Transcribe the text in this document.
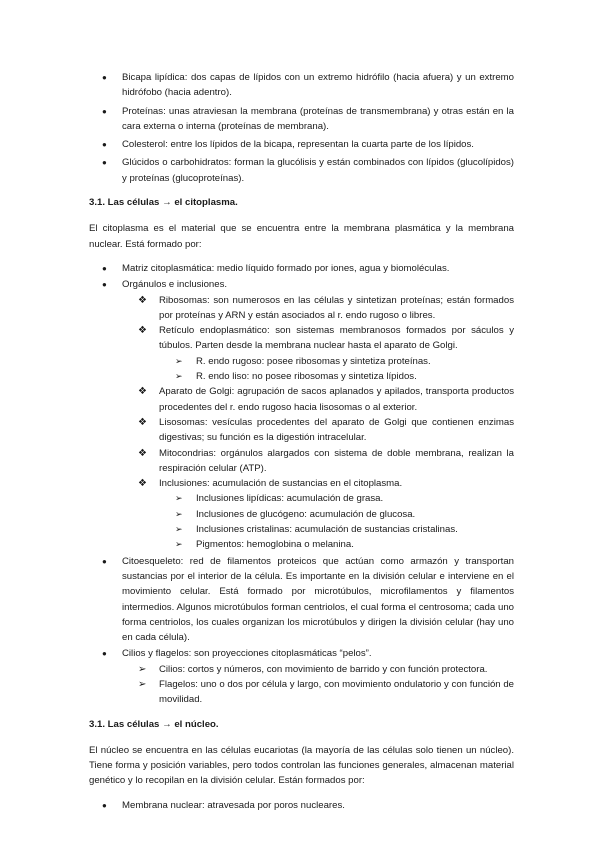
● Bicapa lipídica: dos capas de lípidos con un extremo hidrófilo (hacia afuera) y un extremo hidrófobo (hacia adentro).
● Proteínas: unas atraviesan la membrana (proteínas de transmembrana) y otras están en la cara externa o interna (proteínas de membrana).
● Colesterol: entre los lípidos de la bicapa, representan la cuarta parte de los lípidos.
● Glúcidos o carbohidratos: forman la glucólisis y están combinados con lípidos (glucolípidos) y proteínas (glucoproteínas).
3.1. Las células → el citoplasma.
El citoplasma es el material que se encuentra entre la membrana plasmática y la membrana nuclear. Está formado por:
● Matriz citoplasmática: medio líquido formado por iones, agua y biomoléculas.
● Orgánulos e inclusiones.
❖ Ribosomas: son numerosos en las células y sintetizan proteínas; están formados por proteínas y ARN y están asociados al r. endo rugoso o libres.
❖ Retículo endoplasmático: son sistemas membranosos formados por sáculos y túbulos. Parten desde la membrana nuclear hasta el aparato de Golgi.
➢ R. endo rugoso: posee ribosomas y sintetiza proteínas.
➢ R. endo liso: no posee ribosomas y sintetiza lípidos.
❖ Aparato de Golgi: agrupación de sacos aplanados y apilados, transporta productos procedentes del r. endo rugoso hacia lisosomas o al exterior.
❖ Lisosomas: vesículas procedentes del aparato de Golgi que contienen enzimas digestivas; su función es la digestión intracelular.
❖ Mitocondrias: orgánulos alargados con sistema de doble membrana, realizan la respiración celular (ATP).
❖ Inclusiones: acumulación de sustancias en el citoplasma.
➢ Inclusiones lipídicas: acumulación de grasa.
➢ Inclusiones de glucógeno: acumulación de glucosa.
➢ Inclusiones cristalinas: acumulación de sustancias cristalinas.
➢ Pigmentos: hemoglobina o melanina.
● Citoesqueleto: red de filamentos proteicos que actúan como armazón y transportan sustancias por el interior de la célula. Es importante en la división celular e interviene en el movimiento celular. Está formado por microtúbulos, microfilamentos y filamentos intermedios. Algunos microtúbulos forman centriolos, el cual forma el centrosoma; cada uno forma centriolos, los cuales organizan los microtúbulos y dirigen la división celular (hay uno en cada célula).
● Cilios y flagelos: son proyecciones citoplasmáticas “pelos”.
➢ Cilios: cortos y números, con movimiento de barrido y con función protectora.
➢ Flagelos: uno o dos por célula y largo, con movimiento ondulatorio y con función de movilidad.
3.1. Las células → el núcleo.
El núcleo se encuentra en las células eucariotas (la mayoría de las células solo tienen un núcleo). Tiene forma y posición variables, pero todos controlan las funciones generales, almacenan material genético y lo recopilan en la división celular. Están formados por:
● Membrana nuclear: atravesada por poros nucleares.
